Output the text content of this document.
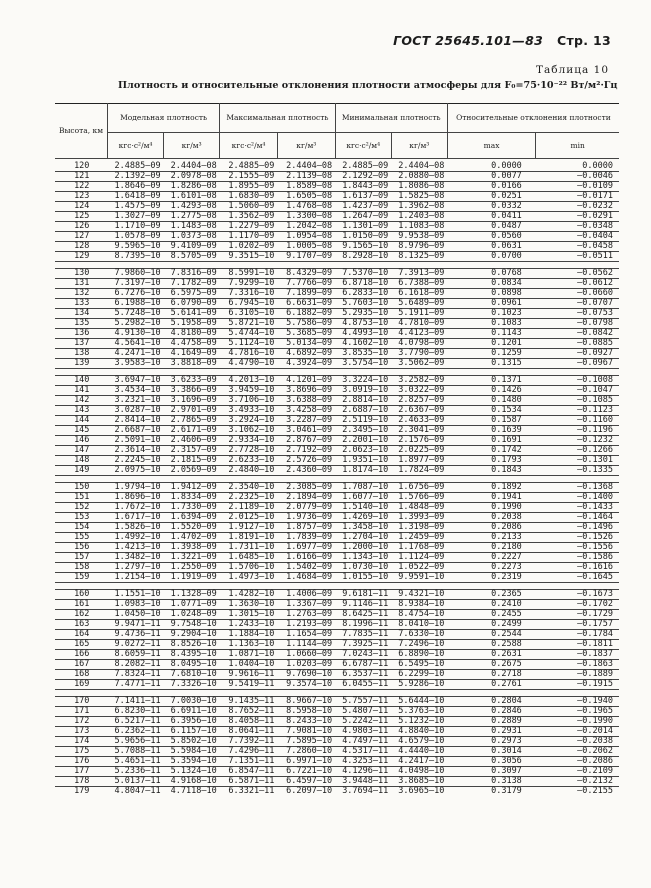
ГОСТ 25645.101—83 Стр. 13
Таблица 10
Плотность и относительные отклонения плотности атмосферы для F₀=75·10⁻²² Вт/м²·Гц
Высота, км	Модельная плотность		Максимальная плотность		Минимальная плотность		Относительные отклонения плотности	
	кгс·с²/м⁴	кг/м³	кгс·с²/м⁴	кг/м³	кгс·с²/м⁴	кг/м³	max	min
120	2.4885—09	2.4404—08	2.4885—09	2.4404—08	2.4885—09	2.4404—08	0.0000	0.0000
121	2.1392—09	2.0978—08	2.1555—09	2.1139—08	2.1292—09	2.0880—08	0.0077	—0.0046
122	1.8646—09	1.8286—08	1.8955—09	1.8589—08	1.8443—09	1.8086—08	0.0166	—0.0109
123	1.6418—09	1.6101—08	1.6830—09	1.6505—08	1.6137—09	1.5825—08	0.0251	—0.0171
124	1.4575—09	1.4293—08	1.5060—09	1.4768—08	1.4237—09	1.3962—08	0.0332	—0.0232
125	1.3027—09	1.2775—08	1.3562—09	1.3300—08	1.2647—09	1.2403—08	0.0411	—0.0291
126	1.1710—09	1.1483—08	1.2279—09	1.2042—08	1.1301—09	1.1083—08	0.0487	—0.0348
127	1.0578—09	1.0373—08	1.1170—09	1.0954—08	1.0150—09	9.9538—09	0.0560	—0.0404
128	9.5965—10	9.4109—09	1.0202—09	1.0005—08	9.1565—10	8.9796—09	0.0631	—0.0458
129	8.7395—10	8.5705—09	9.3515—10	9.1707—09	8.2928—10	8.1325—09	0.0700	—0.0511

130	7.9860—10	7.8316—09	8.5991—10	8.4329—09	7.5370—10	7.3913—09	0.0768	—0.0562
131	7.3197—10	7.1782—09	7.9299—10	7.7766—09	6.8718—10	6.7388—09	0.0834	—0.0612
132	6.7276—10	6.5975—09	7.3316—10	7.1899—09	6.2833—10	6.1618—09	0.0898	—0.0660
133	6.1988—10	6.0790—09	6.7945—10	6.6631—09	5.7603—10	5.6489—09	0.0961	—0.0707
134	5.7248—10	5.6141—09	6.3105—10	6.1882—09	5.2935—10	5.1911—09	0.1023	—0.0753
135	5.2982—10	5.1958—09	5.8721—10	5.7586—09	4.8753—10	4.7810—09	0.1083	—0.0798
136	4.9130—10	4.8180—09	5.4744—10	5.3685—09	4.4993—10	4.4123—09	0.1143	—0.0842
137	4.5641—10	4.4758—09	5.1124—10	5.0134—09	4.1602—10	4.0798—09	0.1201	—0.0885
138	4.2471—10	4.1649—09	4.7816—10	4.6892—09	3.8535—10	3.7790—09	0.1259	—0.0927
139	3.9583—10	3.8818—09	4.4790—10	4.3924—09	3.5754—10	3.5062—09	0.1315	—0.0967

140	3.6947—10	3.6233—09	4.2013—10	4.1201—09	3.3224—10	3.2582—09	0.1371	—0.1008
141	3.4534—10	3.3866—09	3.9459—10	3.8696—09	3.0919—10	3.0322—09	0.1426	—0.1047
142	3.2321—10	3.1696—09	3.7106—10	3.6388—09	2.8814—10	2.8257—09	0.1480	—0.1085
143	3.0287—10	2.9701—09	3.4933—10	3.4258—09	2.6887—10	2.6367—09	0.1534	—0.1123
144	2.8414—10	2.7865—09	3.2924—10	3.2287—09	2.5119—10	2.4633—09	0.1587	—0.1160
145	2.6687—10	2.6171—09	3.1062—10	3.0461—09	2.3495—10	2.3041—09	0.1639	—0.1196
146	2.5091—10	2.4606—09	2.9334—10	2.8767—09	2.2001—10	2.1576—09	0.1691	—0.1232
147	2.3614—10	2.3157—09	2.7728—10	2.7192—09	2.0623—10	2.0225—09	0.1742	—0.1266
148	2.2245—10	2.1815—09	2.6233—10	2.5726—09	1.9351—10	1.8977—09	0.1793	—0.1301
149	2.0975—10	2.0569—09	2.4840—10	2.4360—09	1.8174—10	1.7824—09	0.1843	—0.1335

150	1.9794—10	1.9412—09	2.3540—10	2.3085—09	1.7087—10	1.6756—09	0.1892	—0.1368
151	1.8696—10	1.8334—09	2.2325—10	2.1894—09	1.6077—10	1.5766—09	0.1941	—0.1400
152	1.7672—10	1.7330—09	2.1189—10	2.0779—09	1.5140—10	1.4848—09	0.1990	—0.1433
153	1.6717—10	1.6394—09	2.0125—10	1.9736—09	1.4269—10	1.3993—09	0.2038	—0.1464
154	1.5826—10	1.5520—09	1.9127—10	1.8757—09	1.3458—10	1.3198—09	0.2086	—0.1496
155	1.4992—10	1.4702—09	1.8191—10	1.7839—09	1.2704—10	1.2459—09	0.2133	—0.1526
156	1.4213—10	1.3938—09	1.7311—10	1.6977—09	1.2000—10	1.1768—09	0.2180	—0.1556
157	1.3482—10	1.3221—09	1.6485—10	1.6166—09	1.1343—10	1.1124—09	0.2227	—0.1586
158	1.2797—10	1.2550—09	1.5706—10	1.5402—09	1.0730—10	1.0522—09	0.2273	—0.1616
159	1.2154—10	1.1919—09	1.4973—10	1.4684—09	1.0155—10	9.9591—10	0.2319	—0.1645

160	1.1551—10	1.1328—09	1.4282—10	1.4006—09	9.6181—11	9.4321—10	0.2365	—0.1673
161	1.0983—10	1.0771—09	1.3630—10	1.3367—09	9.1146—11	8.9384—10	0.2410	—0.1702
162	1.0450—10	1.0248—09	1.3015—10	1.2763—09	8.6425—11	8.4754—10	0.2455	—0.1729
163	9.9471—11	9.7548—10	1.2433—10	1.2193—09	8.1996—11	8.0410—10	0.2499	—0.1757
164	9.4736—11	9.2904—10	1.1884—10	1.1654—09	7.7835—11	7.6330—10	0.2544	—0.1784
165	9.0272—11	8.8526—10	1.1363—10	1.1144—09	7.3925—11	7.2496—10	0.2588	—0.1811
166	8.6059—11	8.4395—10	1.0871—10	1.0660—09	7.0243—11	6.8890—10	0.2631	—0.1837
167	8.2082—11	8.0495—10	1.0404—10	1.0203—09	6.6787—11	6.5495—10	0.2675	—0.1863
168	7.8324—11	7.6810—10	9.9616—11	9.7690—10	6.3537—11	6.2299—10	0.2718	—0.1889
169	7.4771—11	7.3326—10	9.5419—11	9.3574—10	6.0455—11	5.9286—10	0.2761	—0.1915

170	7.1411—11	7.0030—10	9.1435—11	8.9667—10	5.7557—11	5.6444—10	0.2804	—0.1940
171	6.8230—11	6.6911—10	8.7652—11	8.5958—10	5.4807—11	5.3763—10	0.2846	—0.1965
172	6.5217—11	6.3956—10	8.4058—11	8.2433—10	5.2242—11	5.1232—10	0.2889	—0.1990
173	6.2362—11	6.1157—10	8.0641—11	7.9081—10	4.9803—11	4.8840—10	0.2931	—0.2014
174	5.9656—11	5.8502—10	7.7392—11	7.5895—10	4.7497—11	4.6579—10	0.2973	—0.2038
175	5.7088—11	5.5984—10	7.4296—11	7.2860—10	4.5317—11	4.4440—10	0.3014	—0.2062
176	5.4651—11	5.3594—10	7.1351—11	6.9971—10	4.3253—11	4.2417—10	0.3056	—0.2086
177	5.2336—11	5.1324—10	6.8547—11	6.7221—10	4.1296—11	4.0498—10	0.3097	—0.2109
178	5.0137—11	4.9168—10	6.5871—11	6.4597—10	3.9448—11	3.8685—10	0.3138	—0.2132
179	4.8047—11	4.7118—10	6.3321—11	6.2097—10	3.7694—11	3.6965—10	0.3179	—0.2155
